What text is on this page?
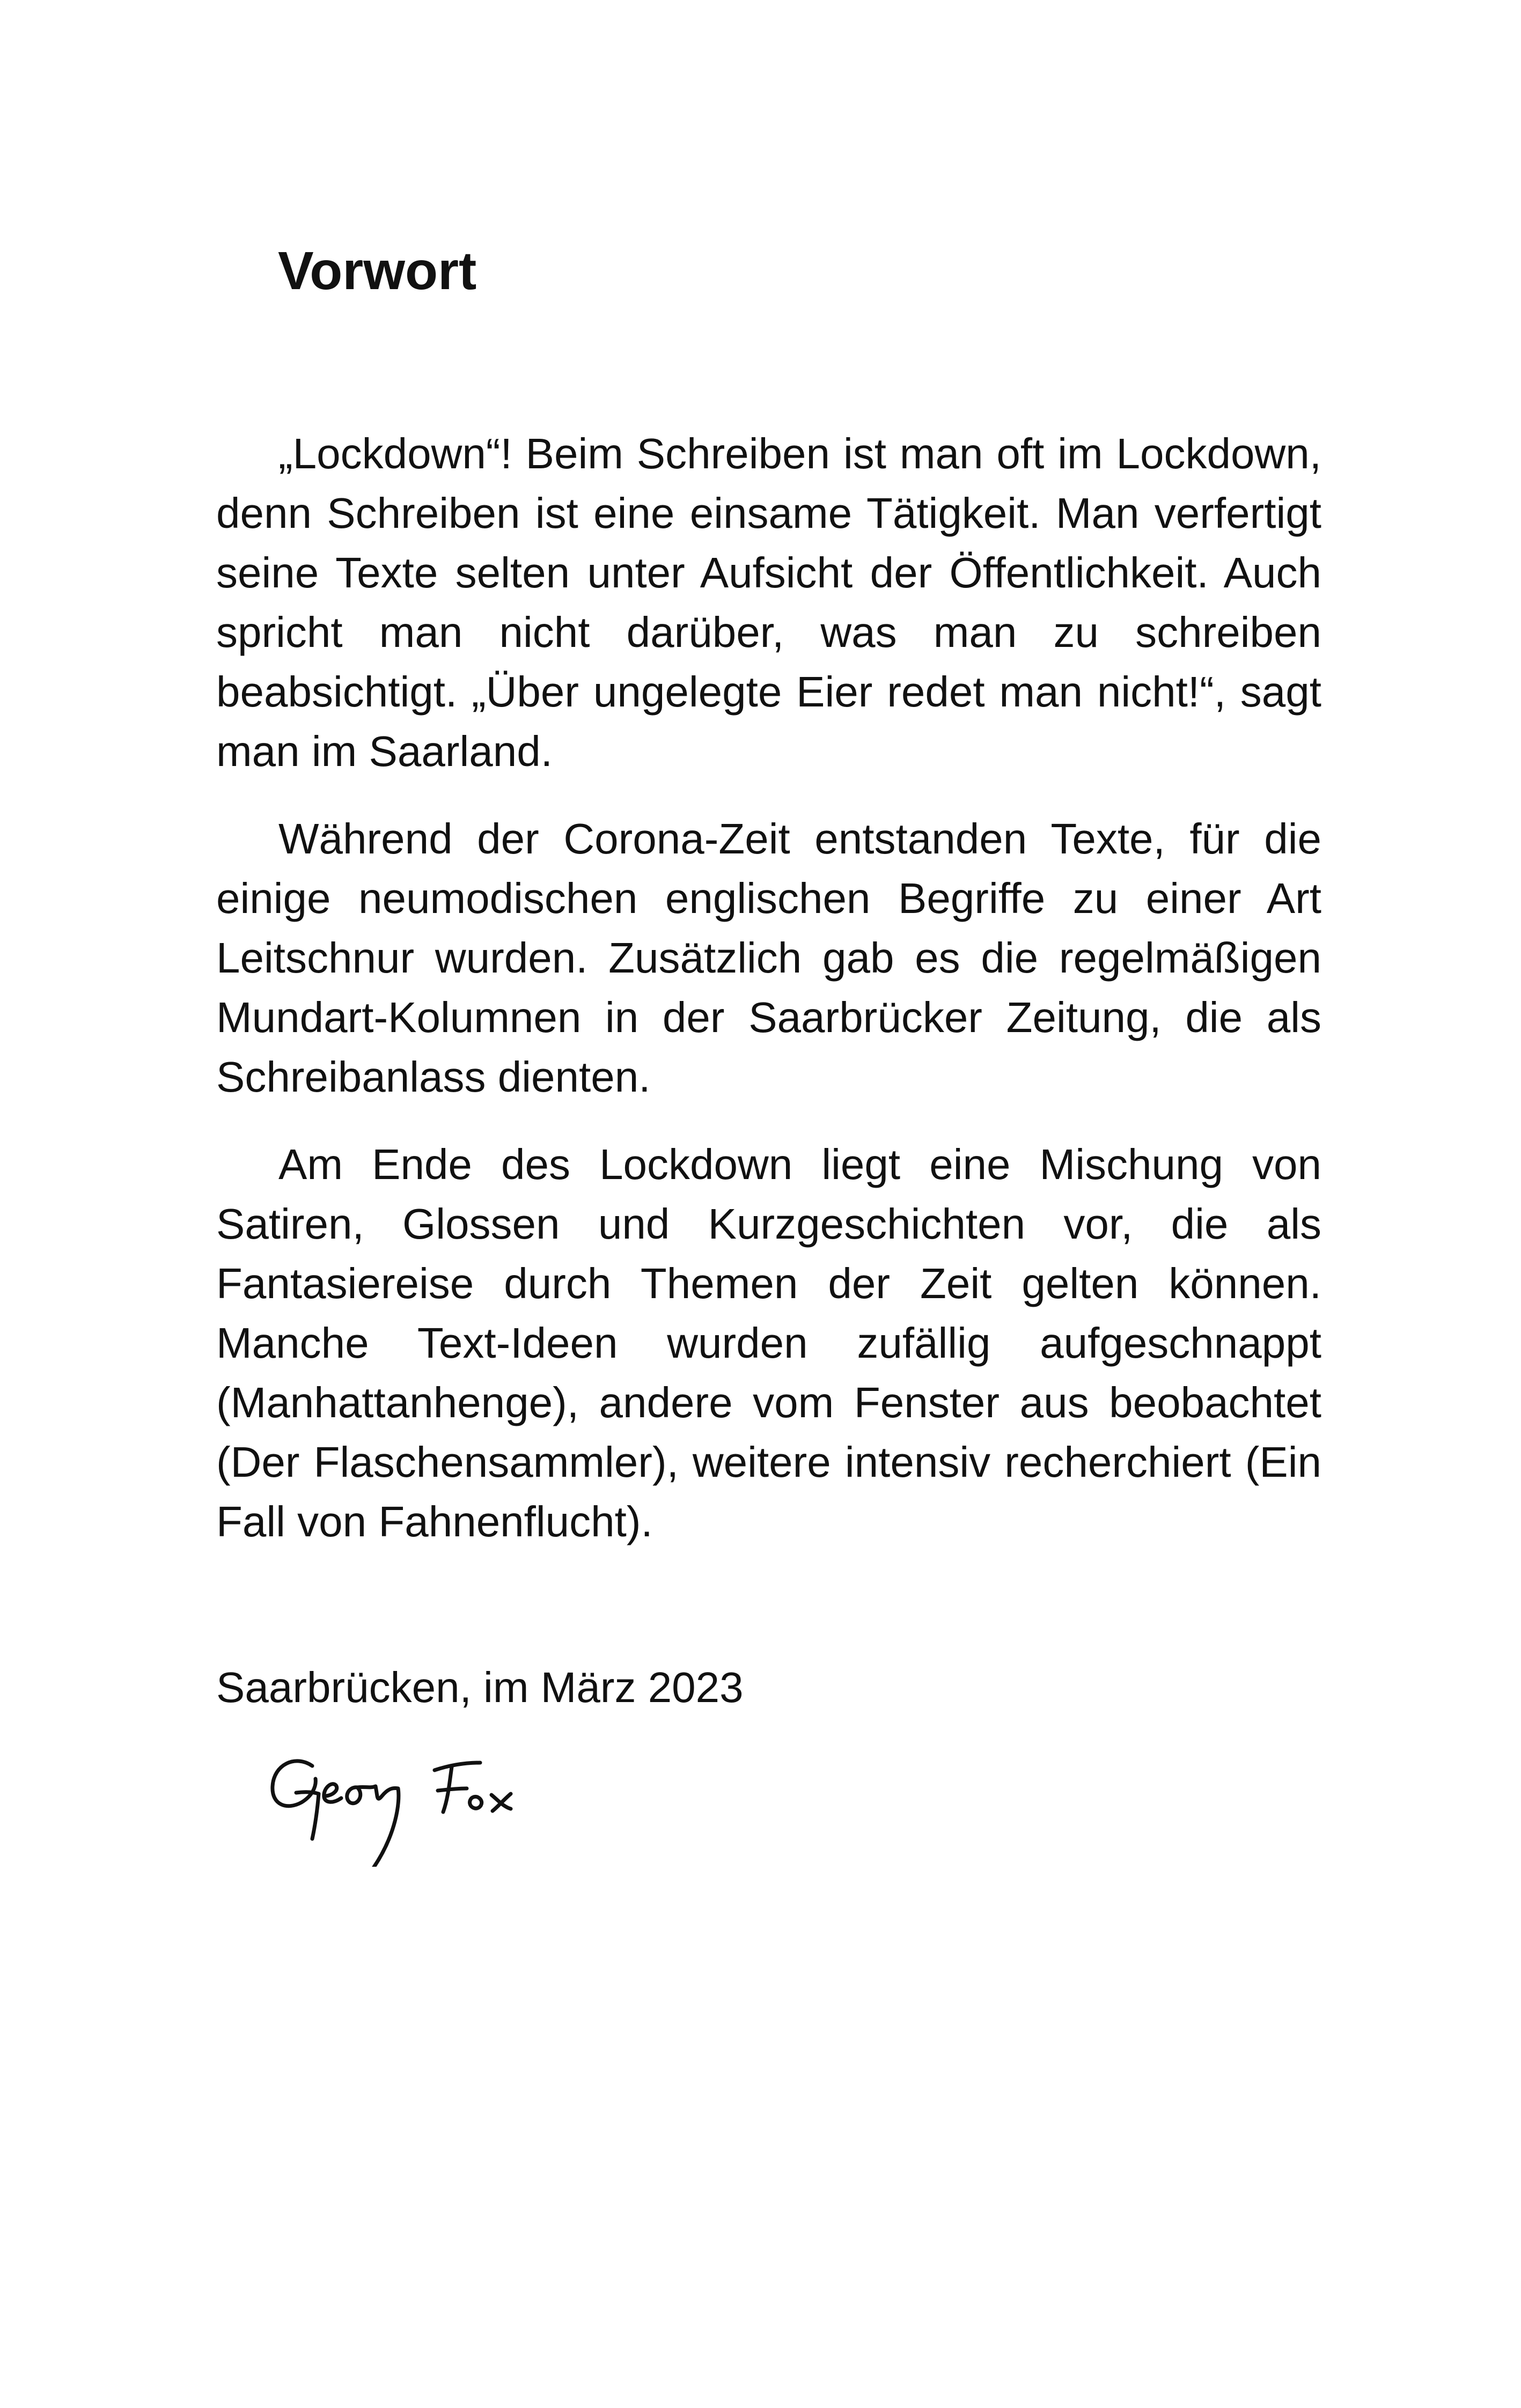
Vorwort

„Lockdown“! Beim Schreiben ist man oft im Lockdown, denn Schreiben ist eine einsame Tätigkeit. Man verfertigt seine Texte selten unter Aufsicht der Öffentlichkeit. Auch spricht man nicht darüber, was man zu schreiben beabsichtigt. „Über ungelegte Eier redet man nicht!“, sagt man im Saarland.

Während der Corona-Zeit entstanden Texte, für die einige neumodischen englischen Begriffe zu einer Art Leitschnur wurden. Zusätzlich gab es die regelmäßigen Mundart-Kolumnen in der Saarbrücker Zeitung, die als Schreibanlass dienten.

Am Ende des Lockdown liegt eine Mischung von Satiren, Glossen und Kurzgeschichten vor, die als Fantasiereise durch Themen der Zeit gelten können. Manche Text-Ideen wurden zufällig aufgeschnappt (Manhattanhenge), andere vom Fenster aus beobachtet (Der Flaschensammler), weitere intensiv recherchiert (Ein Fall von Fahnenflucht).

Saarbrücken, im März 2023
